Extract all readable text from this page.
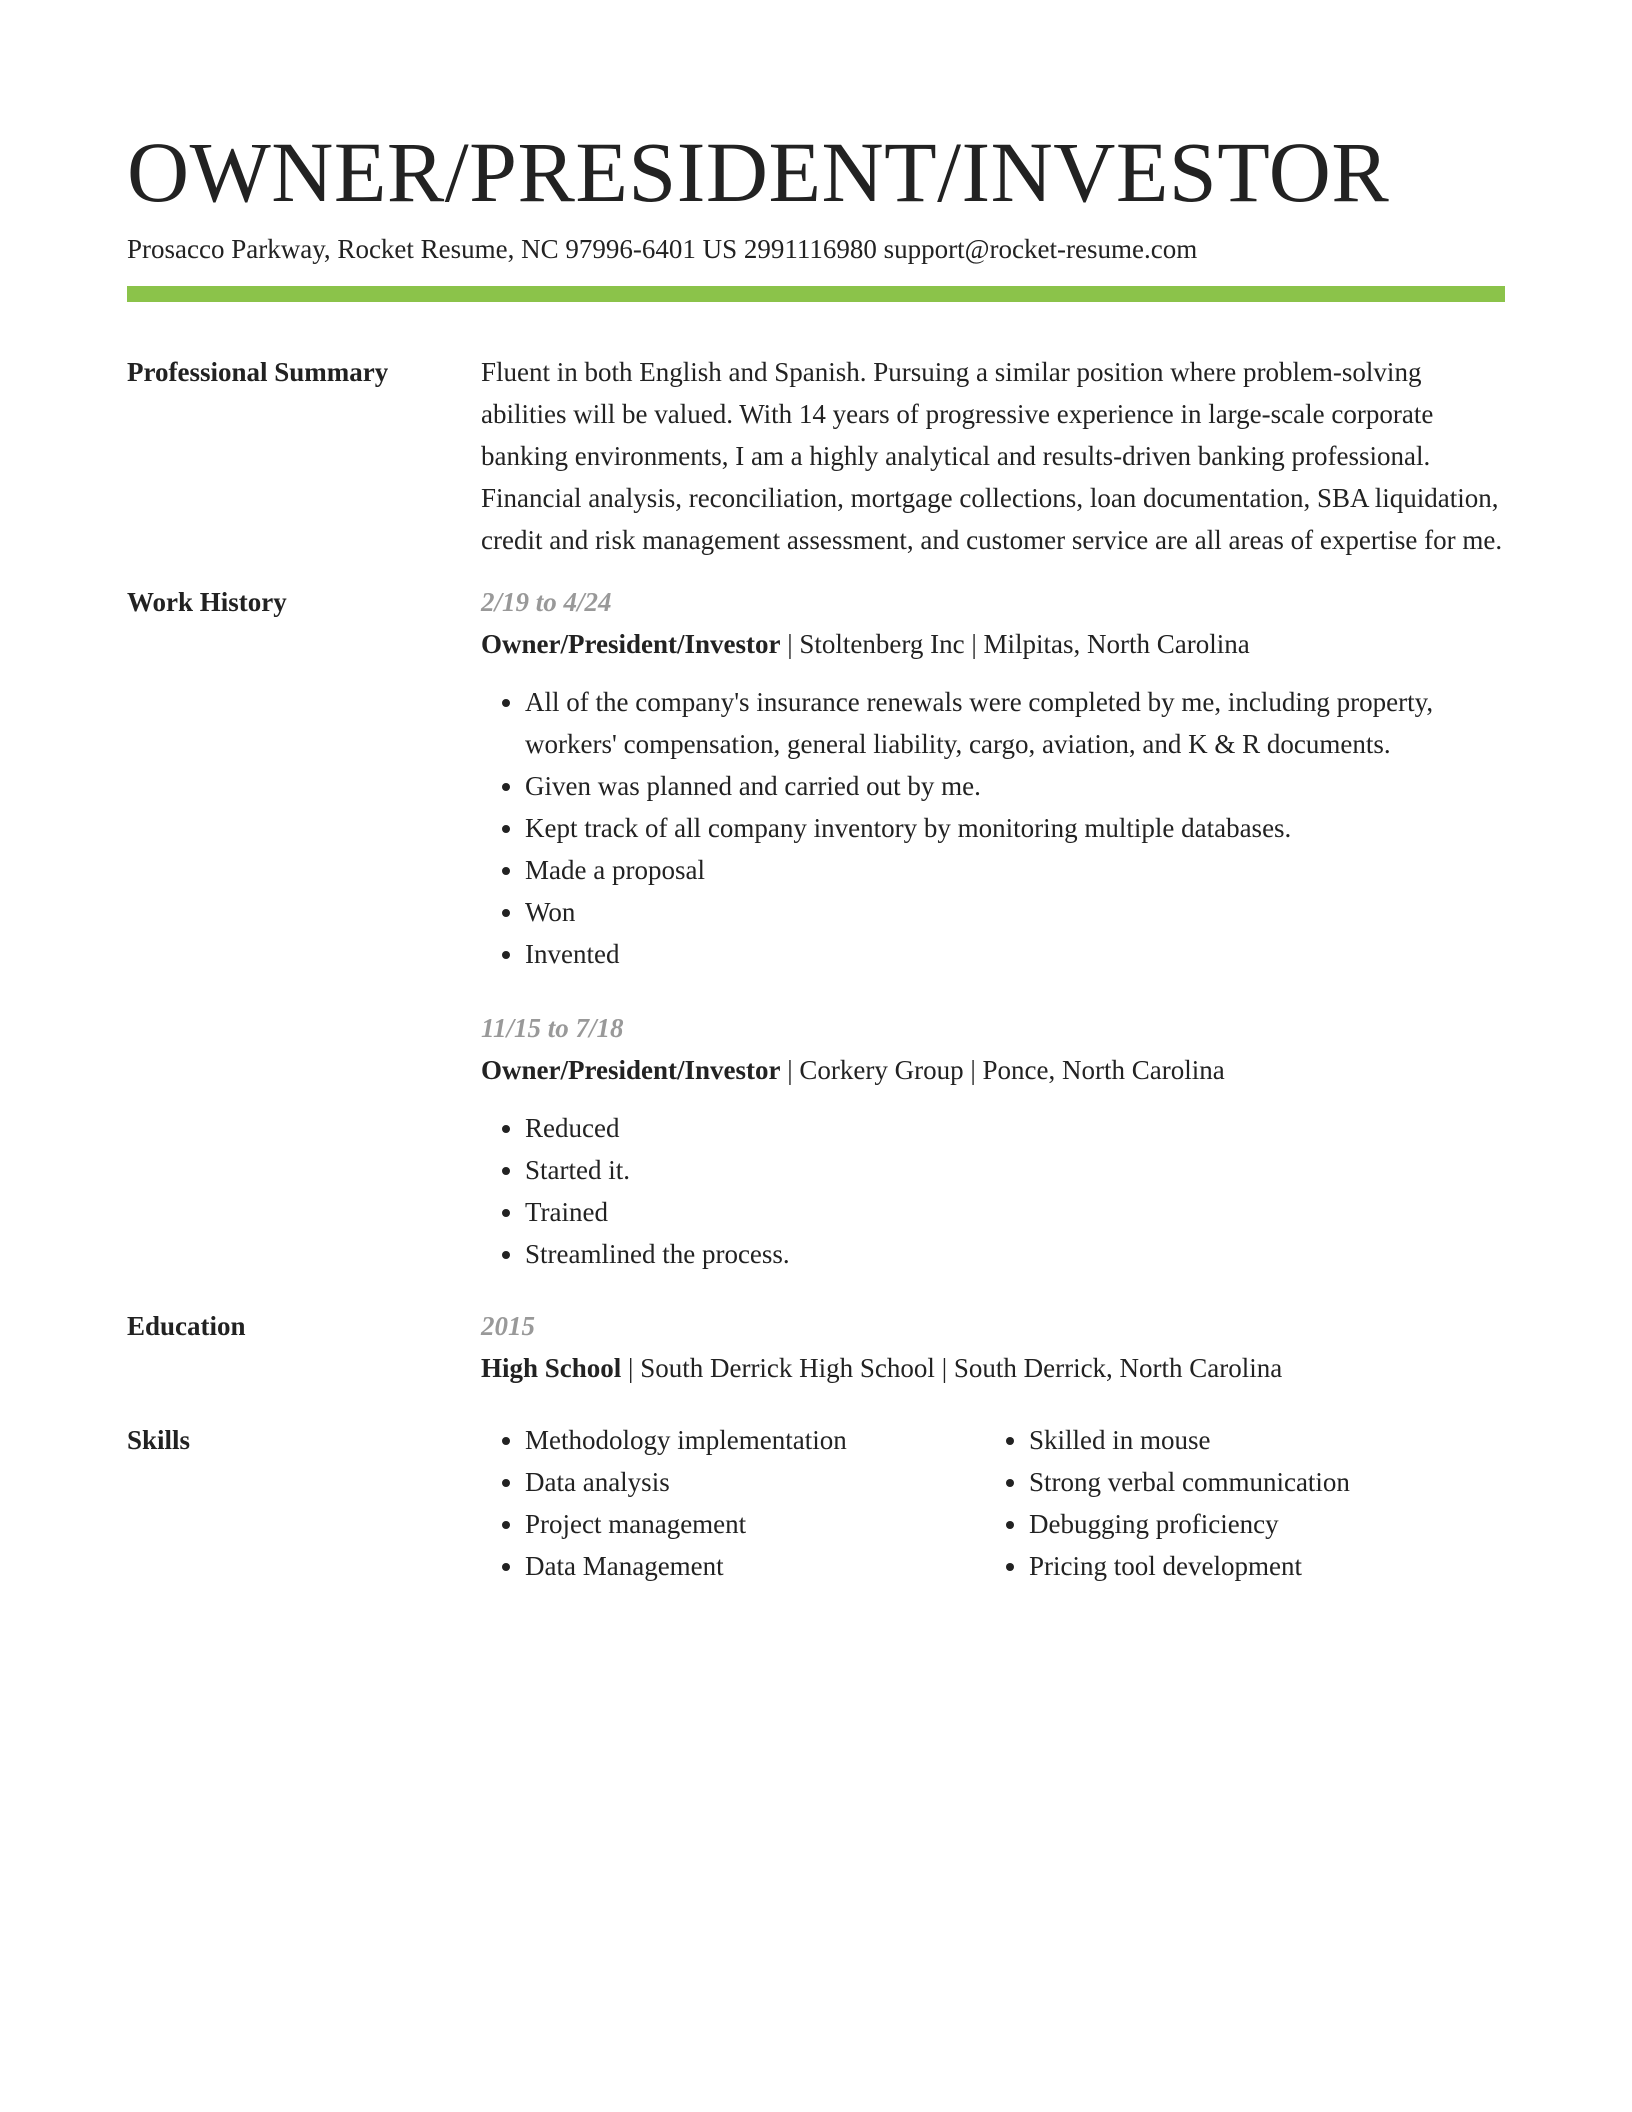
OWNER/PRESIDENT/INVESTOR
Prosacco Parkway, Rocket Resume, NC 97996-6401 US 2991116980 support@rocket-resume.com
Professional Summary	Fluent in both English and Spanish. Pursuing a similar position where problem-solving abilities will be valued. With 14 years of progressive experience in large-scale corporate banking environments, I am a highly analytical and results-driven banking professional. Financial analysis, reconciliation, mortgage collections, loan documentation, SBA liquidation, credit and risk management assessment, and customer service are all areas of expertise for me.
Work History	2/19 to 4/24
Owner/President/Investor | Stoltenberg Inc | Milpitas, North Carolina
• All of the company's insurance renewals were completed by me, including property, workers' compensation, general liability, cargo, aviation, and K & R documents.
• Given was planned and carried out by me.
• Kept track of all company inventory by monitoring multiple databases.
• Made a proposal
• Won
• Invented
11/15 to 7/18
Owner/President/Investor | Corkery Group | Ponce, North Carolina
• Reduced
• Started it.
• Trained
• Streamlined the process.
Education	2015
High School | South Derrick High School | South Derrick, North Carolina
Skills	• Methodology implementation
• Data analysis
• Project management
• Data Management
• Skilled in mouse
• Strong verbal communication
• Debugging proficiency
• Pricing tool development
